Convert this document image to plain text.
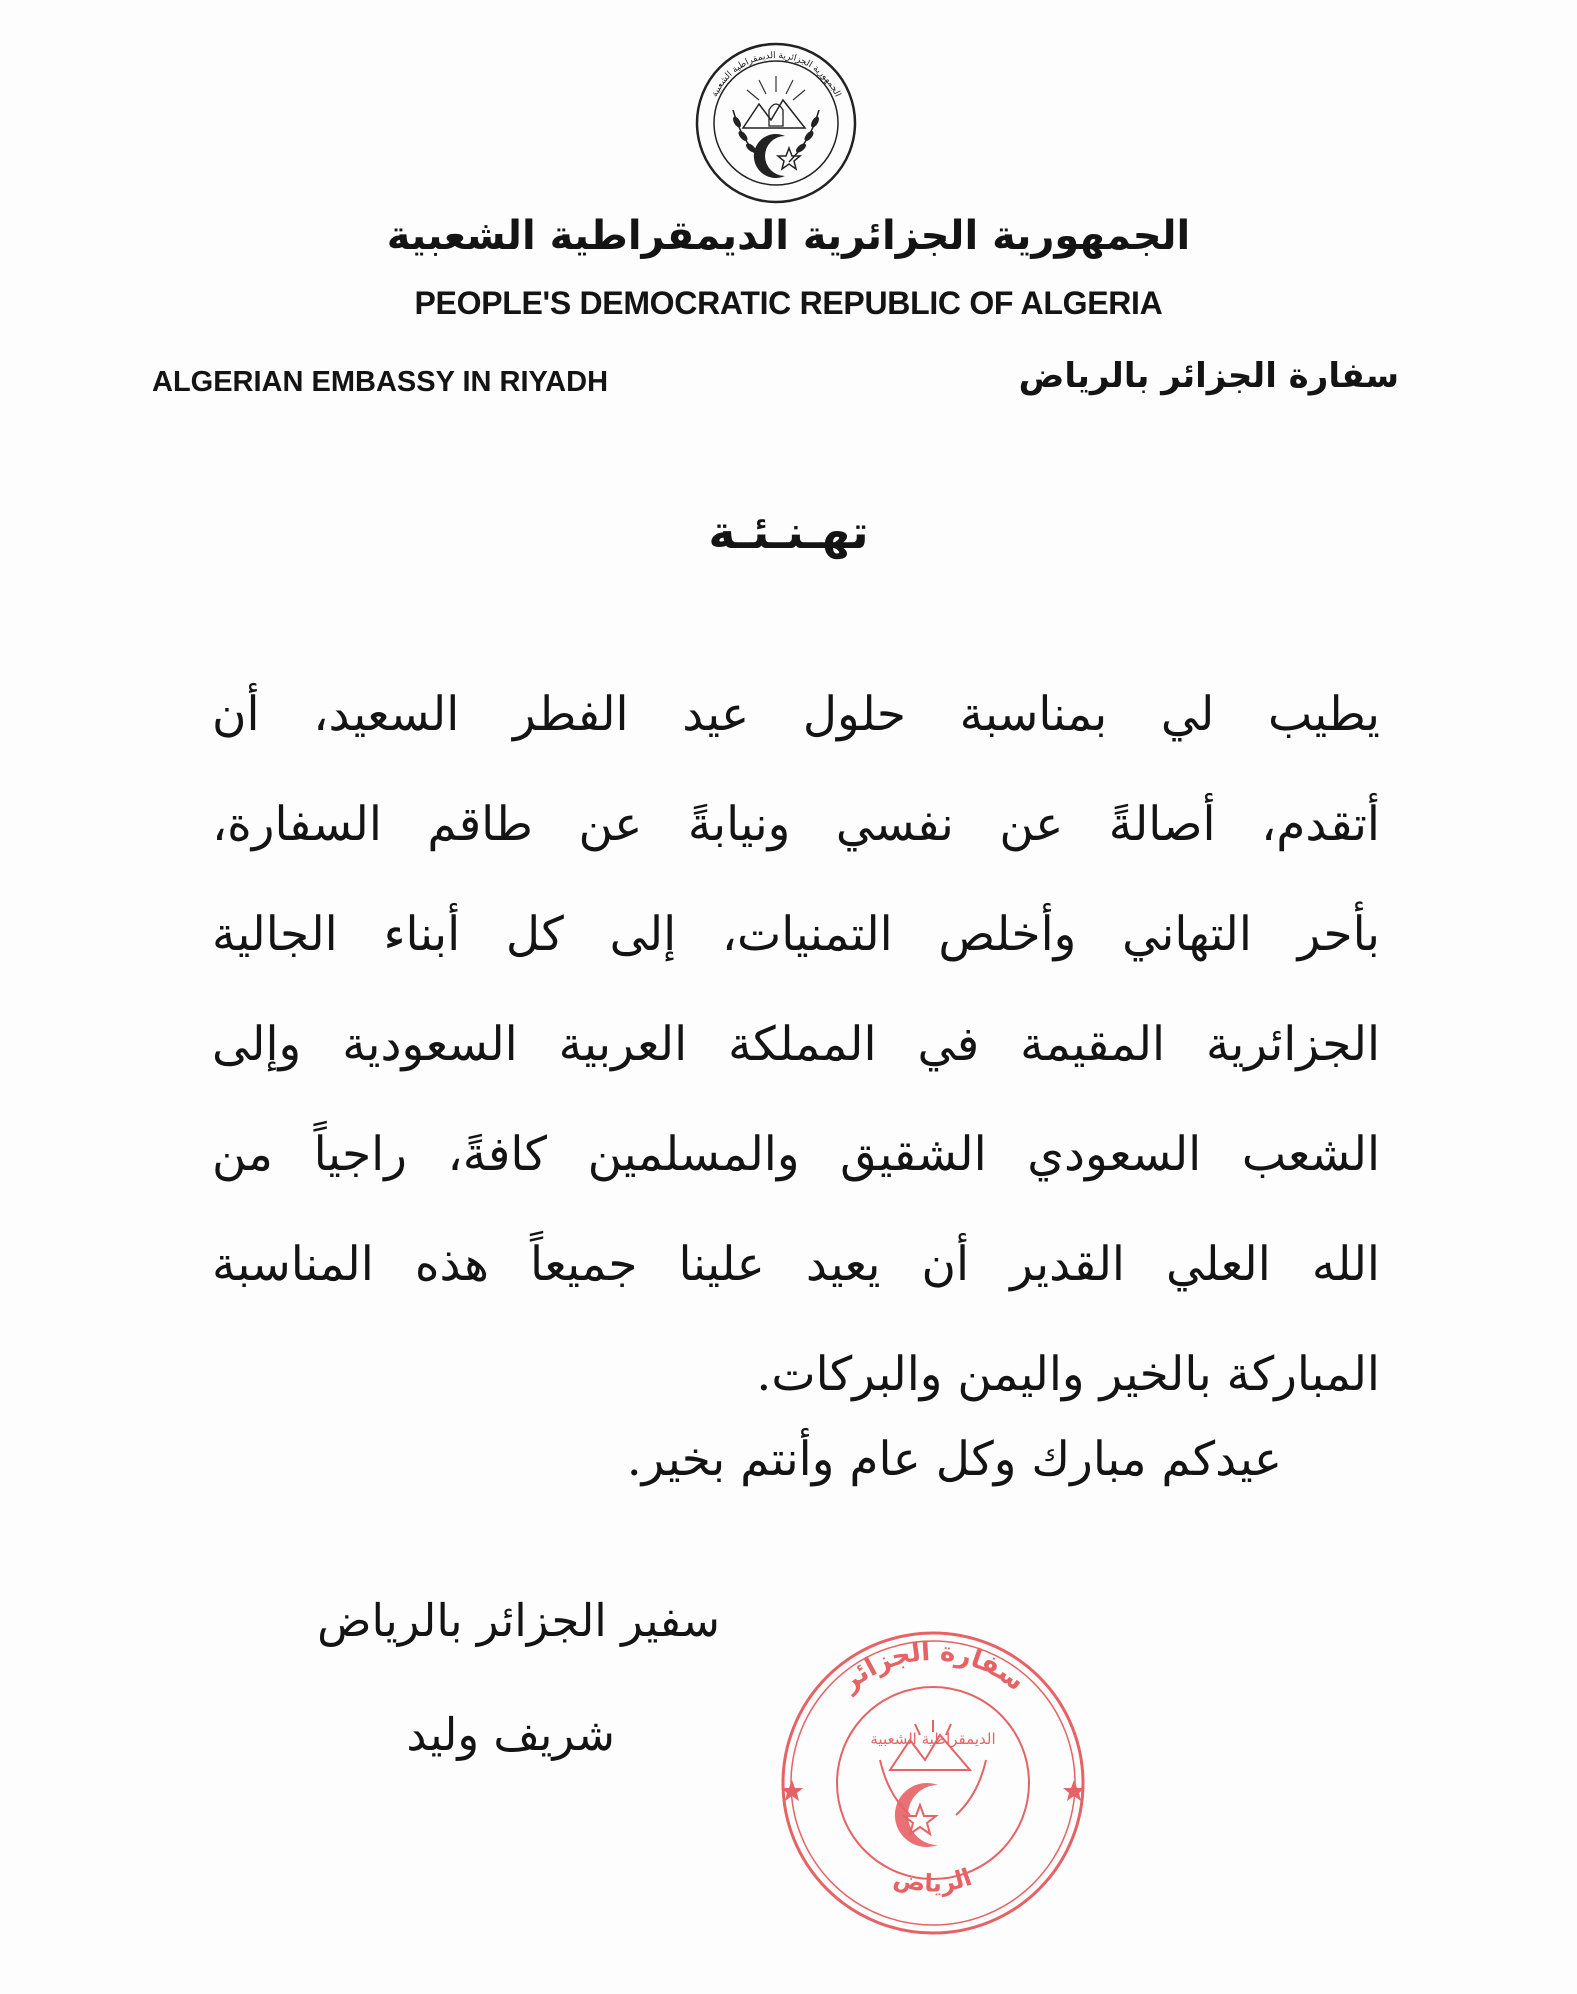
الجمهورية الجزائرية الديمقراطية الشعبية
الجمهورية الجزائرية الديمقراطية الشعبية
PEOPLE'S DEMOCRATIC REPUBLIC OF ALGERIA
ALGERIAN EMBASSY IN RIYADH	سفارة الجزائر بالرياض
تهـنـئـة
يطيب لي بمناسبة حلول عيد الفطر السعيد، أن
أتقدم، أصالةً عن نفسي ونيابةً عن طاقم السفارة،
بأحر التهاني وأخلص التمنيات، إلى كل أبناء الجالية
الجزائرية المقيمة في المملكة العربية السعودية وإلى
الشعب السعودي الشقيق والمسلمين كافةً، راجياً من
الله العلي القدير أن يعيد علينا جميعاً هذه المناسبة
المباركة بالخير واليمن والبركات.
عيدكم مبارك وكل عام وأنتم بخير.
سفير الجزائر بالرياض
شريف وليد
سفارة الجزائر
الديمقراطية الشعبية
الرياض
